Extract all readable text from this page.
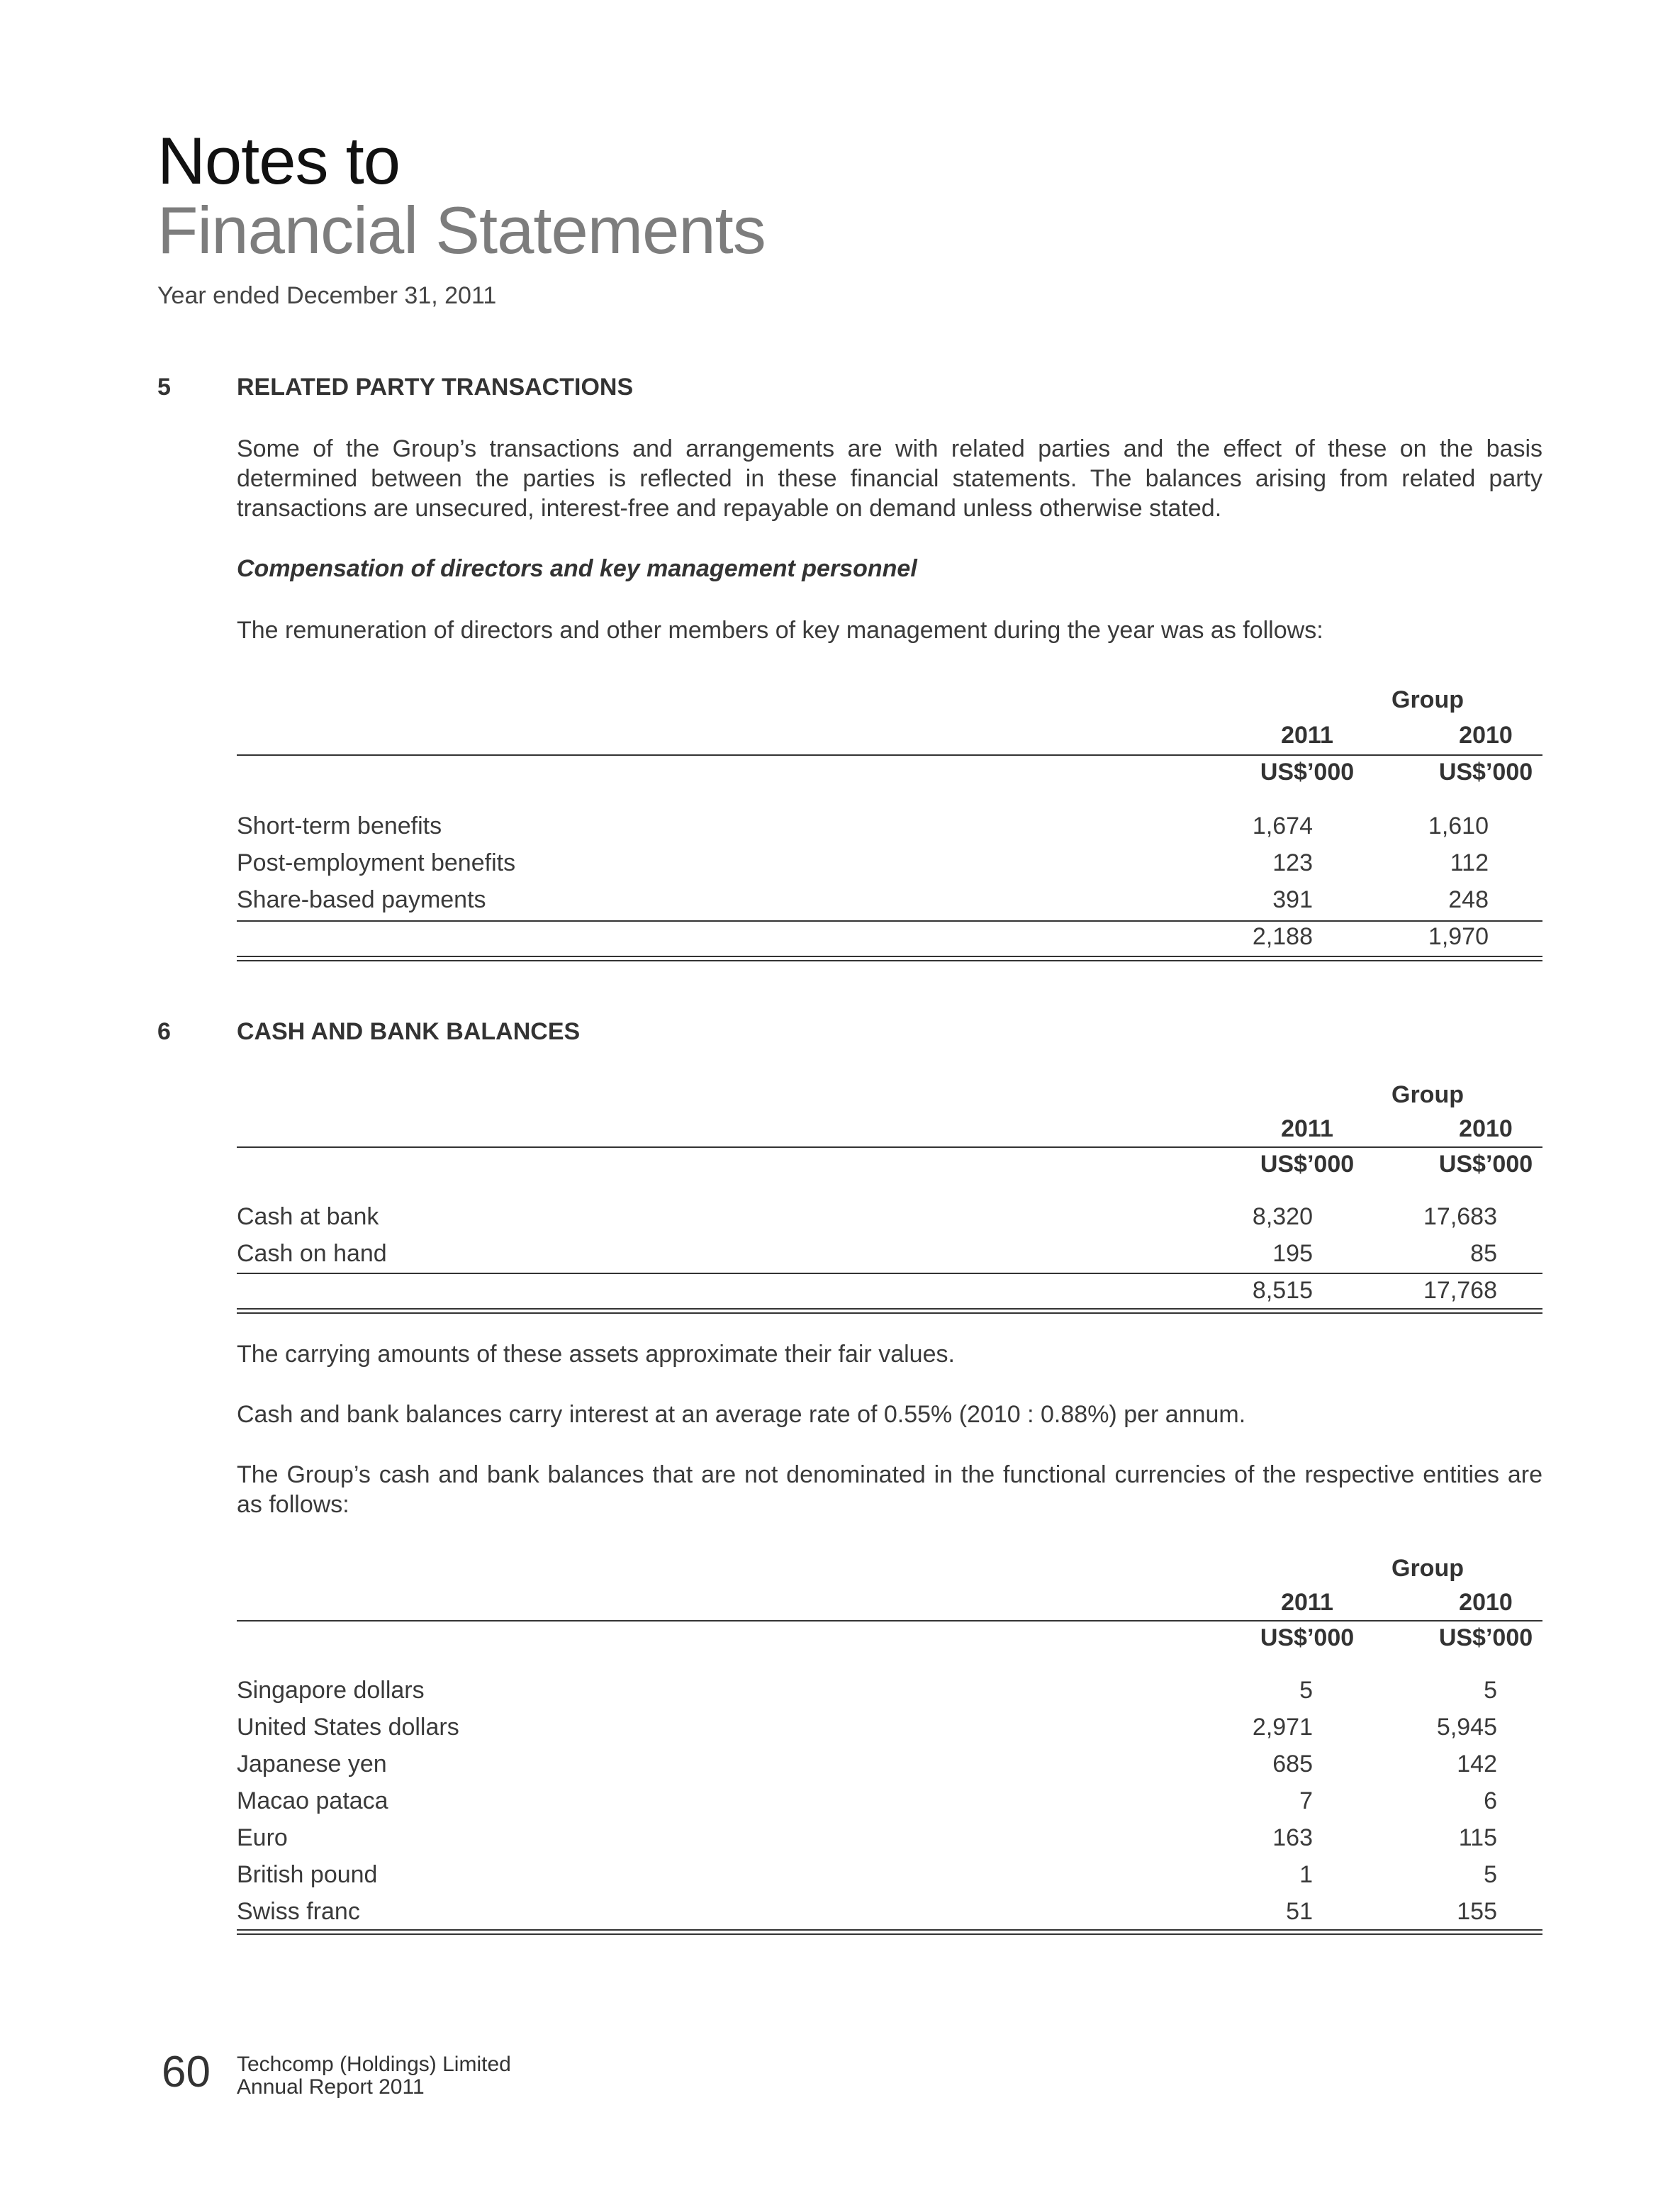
Notes to
Financial Statements
Year ended December 31, 2011
5	RELATED PARTY TRANSACTIONS
Some of the Group’s transactions and arrangements are with related parties and the effect of these on the basis determined between the parties is reflected in these financial statements. The balances arising from related party transactions are unsecured, interest-free and repayable on demand unless otherwise stated.
Compensation of directors and key management personnel
The remuneration of directors and other members of key management during the year was as follows:
Group
2011	2010
US$’000	US$’000
Short-term benefits	1,674	1,610
Post-employment benefits	123	112
Share-based payments	391	248
2,188	1,970
6	CASH AND BANK BALANCES
Group
2011	2010
US$’000	US$’000
Cash at bank	8,320	17,683
Cash on hand	195	85
8,515	17,768
The carrying amounts of these assets approximate their fair values.
Cash and bank balances carry interest at an average rate of 0.55% (2010 : 0.88%) per annum.
The Group’s cash and bank balances that are not denominated in the functional currencies of the respective entities are as follows:
Group
2011	2010
US$’000	US$’000
Singapore dollars	5	5
United States dollars	2,971	5,945
Japanese yen	685	142
Macao pataca	7	6
Euro	163	115
British pound	1	5
Swiss franc	51	155
60 Techcomp (Holdings) Limited
Annual Report 2011
